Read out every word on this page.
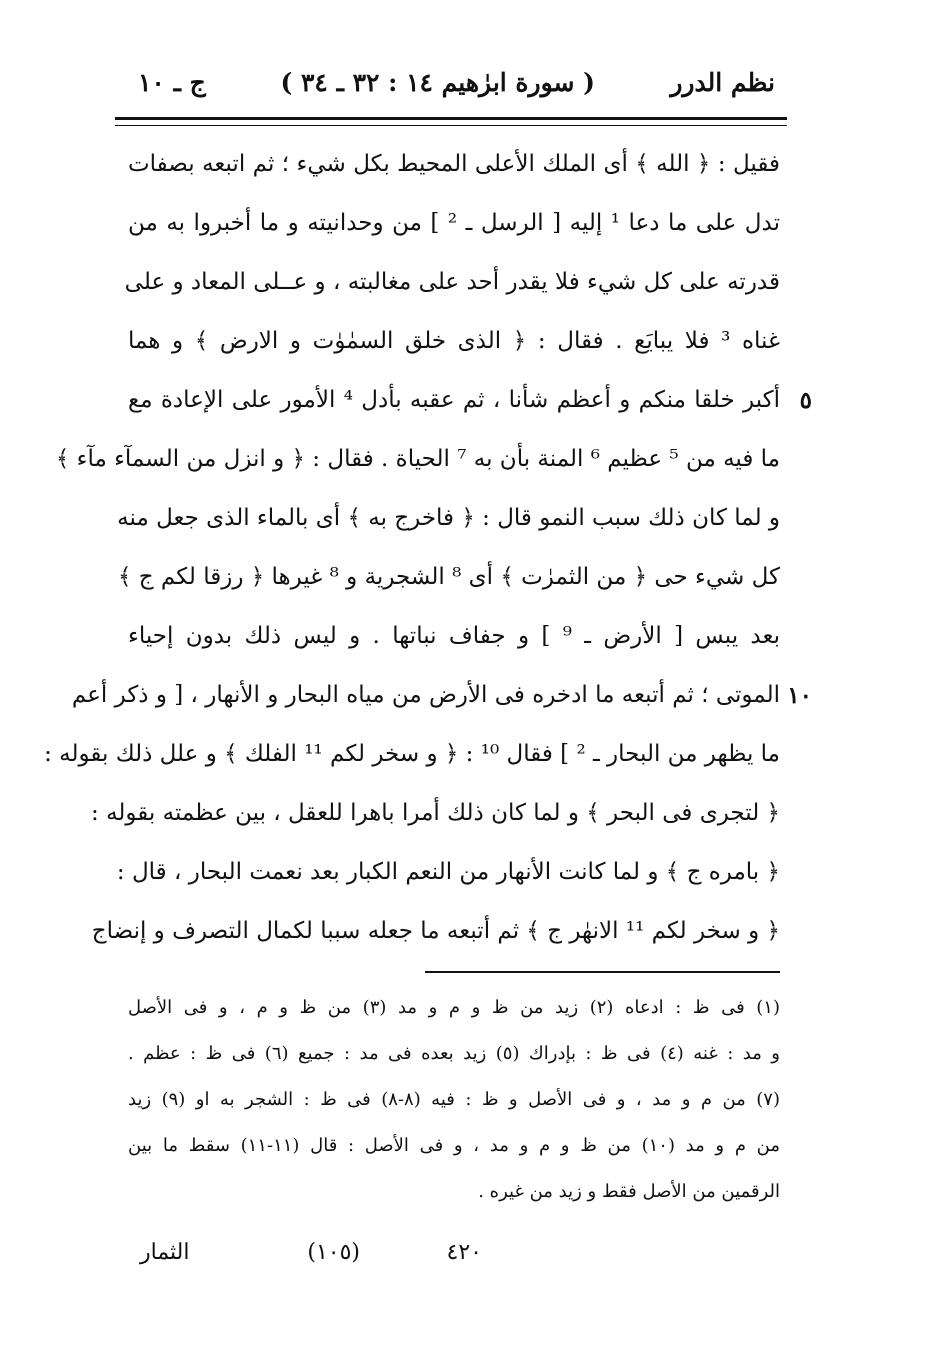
نظم الدرر
( سورة ابرٰهيم ١٤ : ٣٢ ـ ٣٤ )
ج ـ ١٠
فقيل : ﴿ الله ﴾ أى الملك الأعلى المحيط بكل شيء ؛ ثم اتبعه بصفات
تدل على ما دعا ¹ إليه [ الرسل ـ ² ] من وحدانيته و ما أخبروا به من
قدرته على كل شيء فلا يقدر أحد على مغالبته ، و عــلى المعاد و على
غناه ³ فلا يبايَع . فقال : ﴿ الذى خلق السمٰوٰت و الارض ﴾ و هما
٥
أكبر خلقا منكم و أعظم شأنا ، ثم عقبه بأدل ⁴ الأمور على الإعادة مع
ما فيه من ⁵ عظيم ⁶ المنة بأن به ⁷ الحياة . فقال : ﴿ و انزل من السمآء مآء ﴾
و لما كان ذلك سبب النمو قال : ﴿ فاخرج به ﴾ أى بالماء الذى جعل منه
كل شيء حى ﴿ من الثمرٰت ﴾ أى ⁸ الشجرية و ⁸ غيرها ﴿ رزقا لكم ج ﴾
بعد يبس [ الأرض ـ ⁹ ] و جفاف نباتها . و ليس ذلك بدون إحياء
١٠
الموتى ؛ ثم أتبعه ما ادخره فى الأرض من مياه البحار و الأنهار ، [ و ذكر أعم
ما يظهر من البحار ـ ² ] فقال ¹⁰ : ﴿ و سخر لكم ¹¹ الفلك ﴾ و علل ذلك بقوله :
﴿ لتجرى فى البحر ﴾ و لما كان ذلك أمرا باهرا للعقل ، بين عظمته بقوله :
﴿ بامره ج ﴾ و لما كانت الأنهار من النعم الكبار بعد نعمت البحار ، قال :
﴿ و سخر لكم ¹¹ الانهٰر ج ﴾ ثم أتبعه ما جعله سببا لكمال التصرف و إنضاج
(١) فى ظ : ادعاه (٢) زيد من ظ و م و مد (٣) من ظ و م ، و فى الأصل
و مد : غنه (٤) فى ظ : بإدراك (٥) زيد بعده فى مد : جميع (٦) فى ظ : عظم .
(٧) من م و مد ، و فى الأصل و ظ : فيه (٨-٨) فى ظ : الشجر به او (٩) زيد
من م و مد (١٠) من ظ و م و مد ، و فى الأصل : قال (١١-١١) سقط ما بين
الرقمين من الأصل فقط و زيد من غيره .
٤٢٠
(١٠٥)
الثمار
